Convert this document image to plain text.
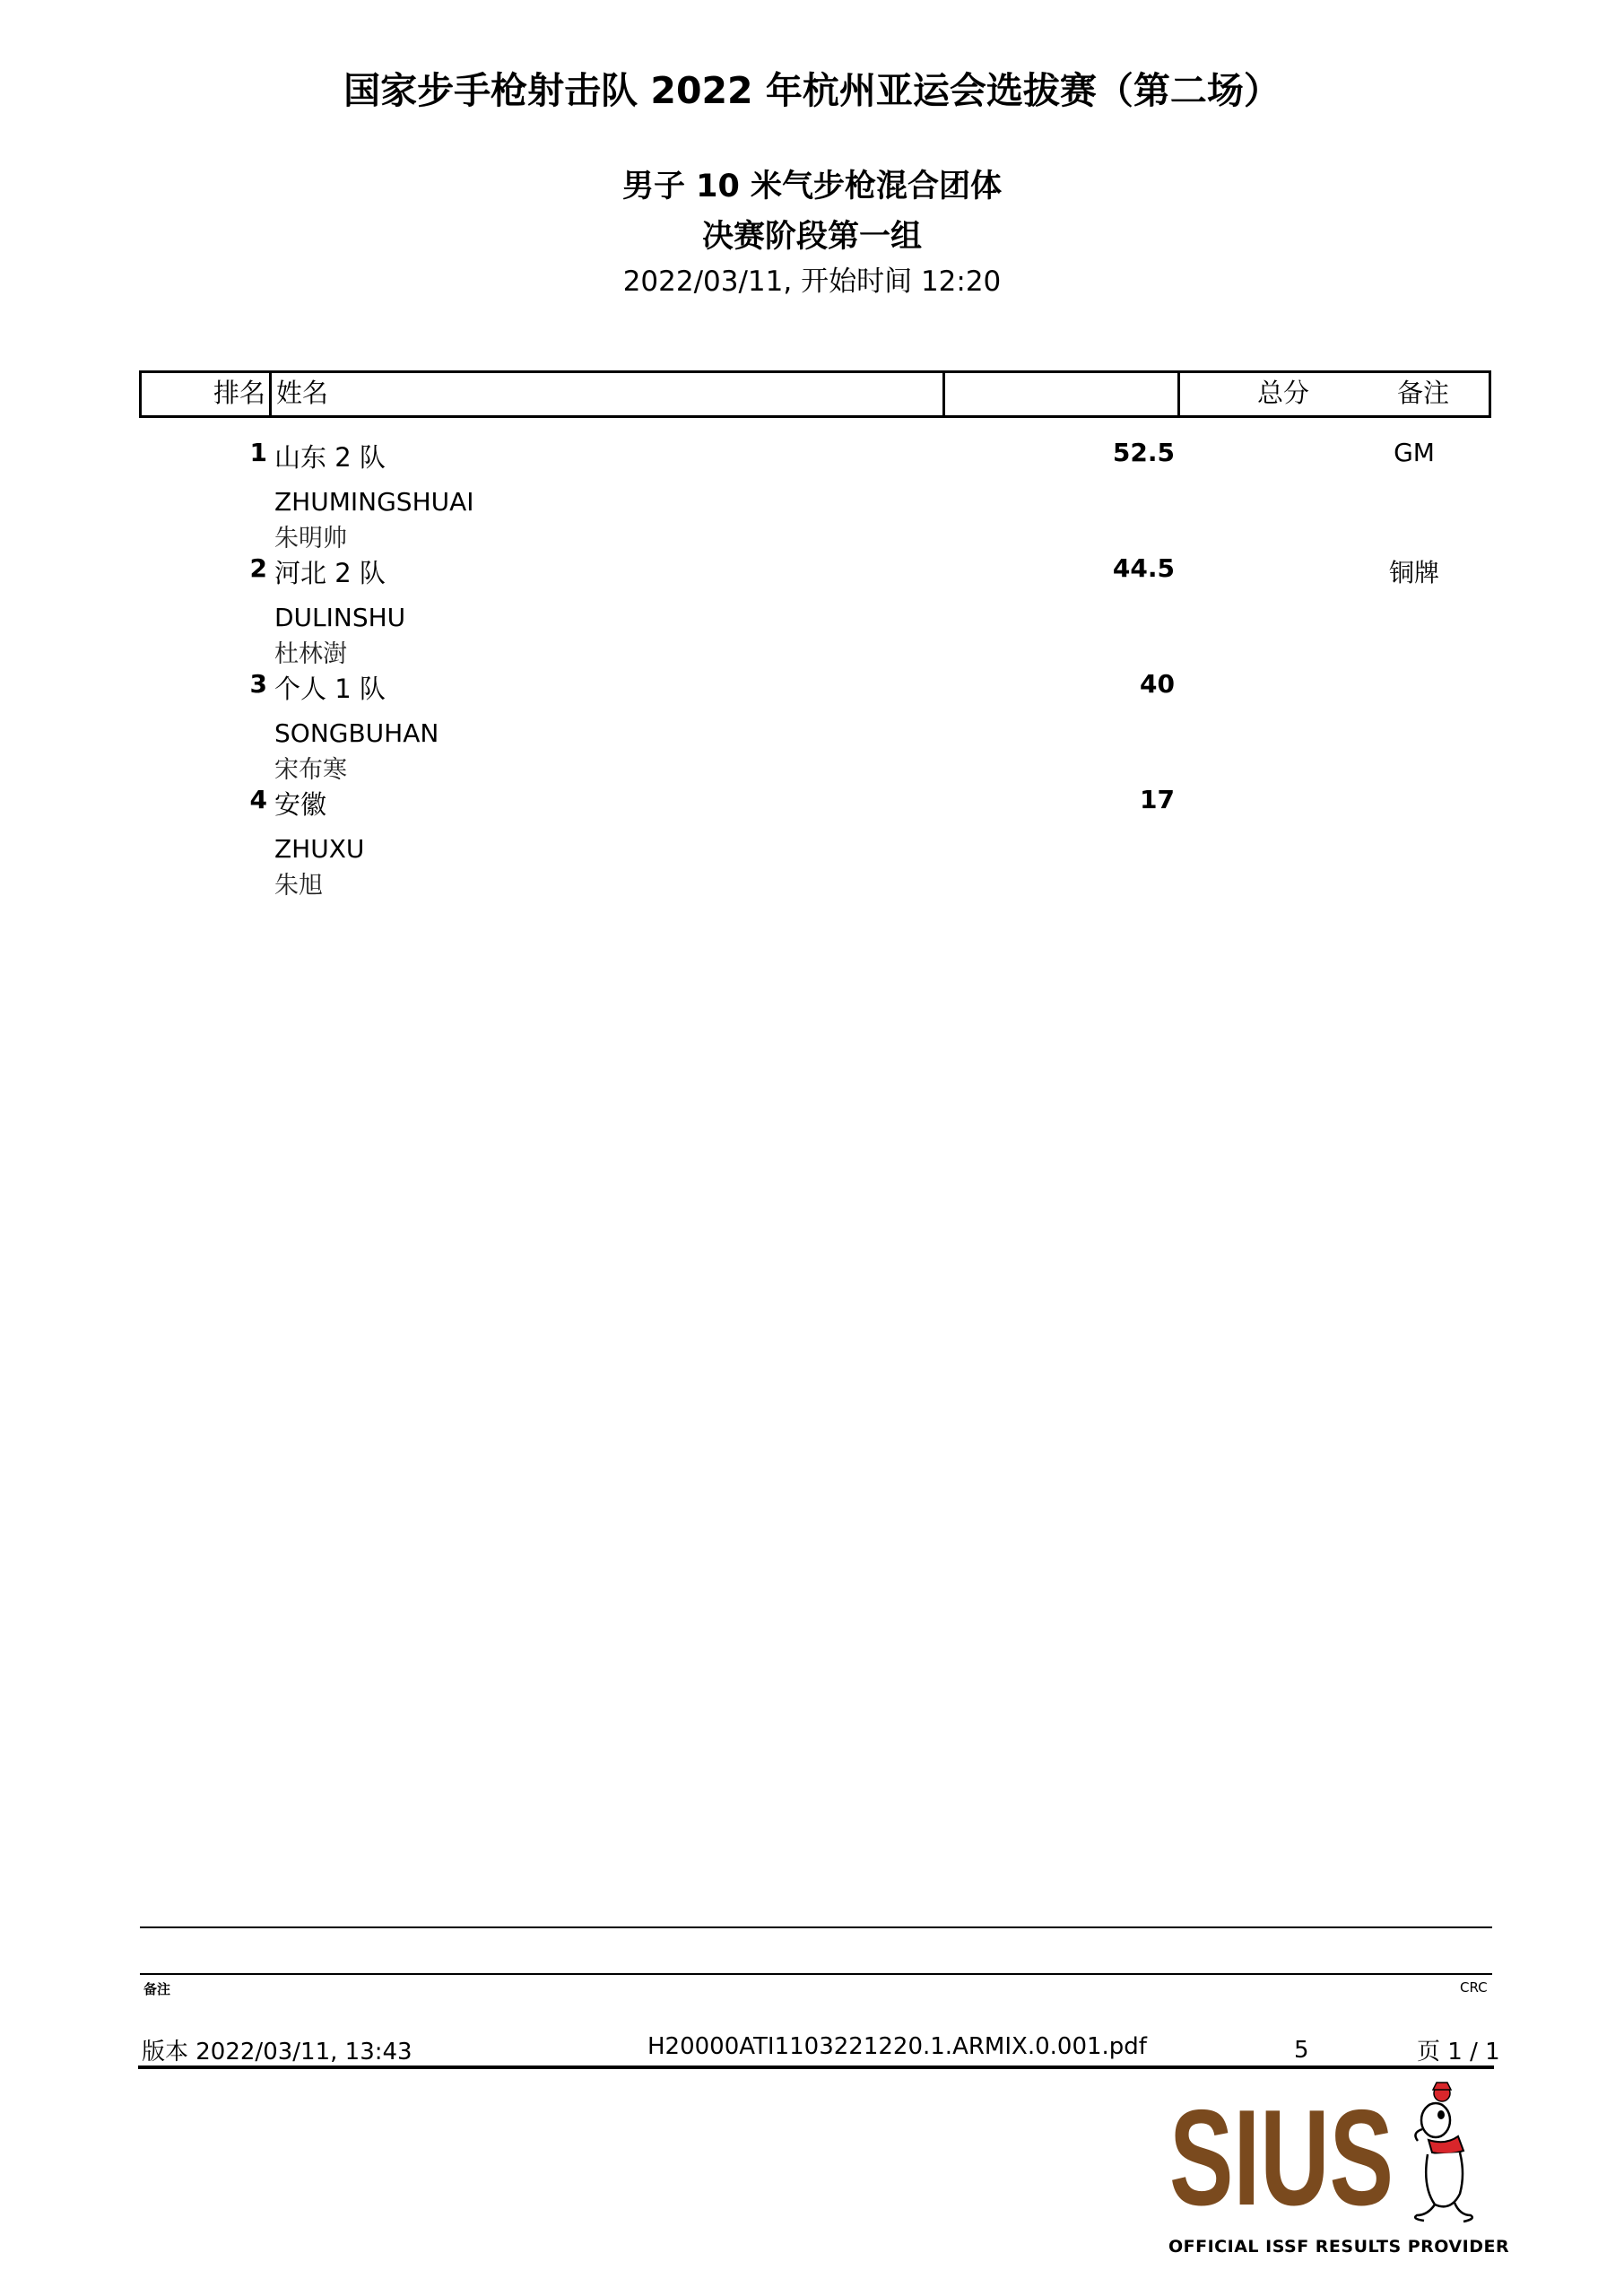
国家步手枪射击队 2022 年杭州亚运会选拔赛（第二场）
男子 10 米气步枪混合团体
决赛阶段第一组
2022/03/11, 开始时间 12:20
排名 姓名	总分	备注
1 山东 2 队	52.5	GM
ZHUMINGSHUAI
朱明帅
2 河北 2 队	44.5	铜牌
DULINSHU
杜林澍
3 个人 1 队	40
SONGBUHAN
宋布寒
4 安徽	17
ZHUXU
朱旭
备注	CRC
版本 2022/03/11, 13:43	H20000ATI1103221220.1.ARMIX.0.001.pdf	5	页 1 / 1
SIUS
OFFICIAL ISSF RESULTS PROVIDER
